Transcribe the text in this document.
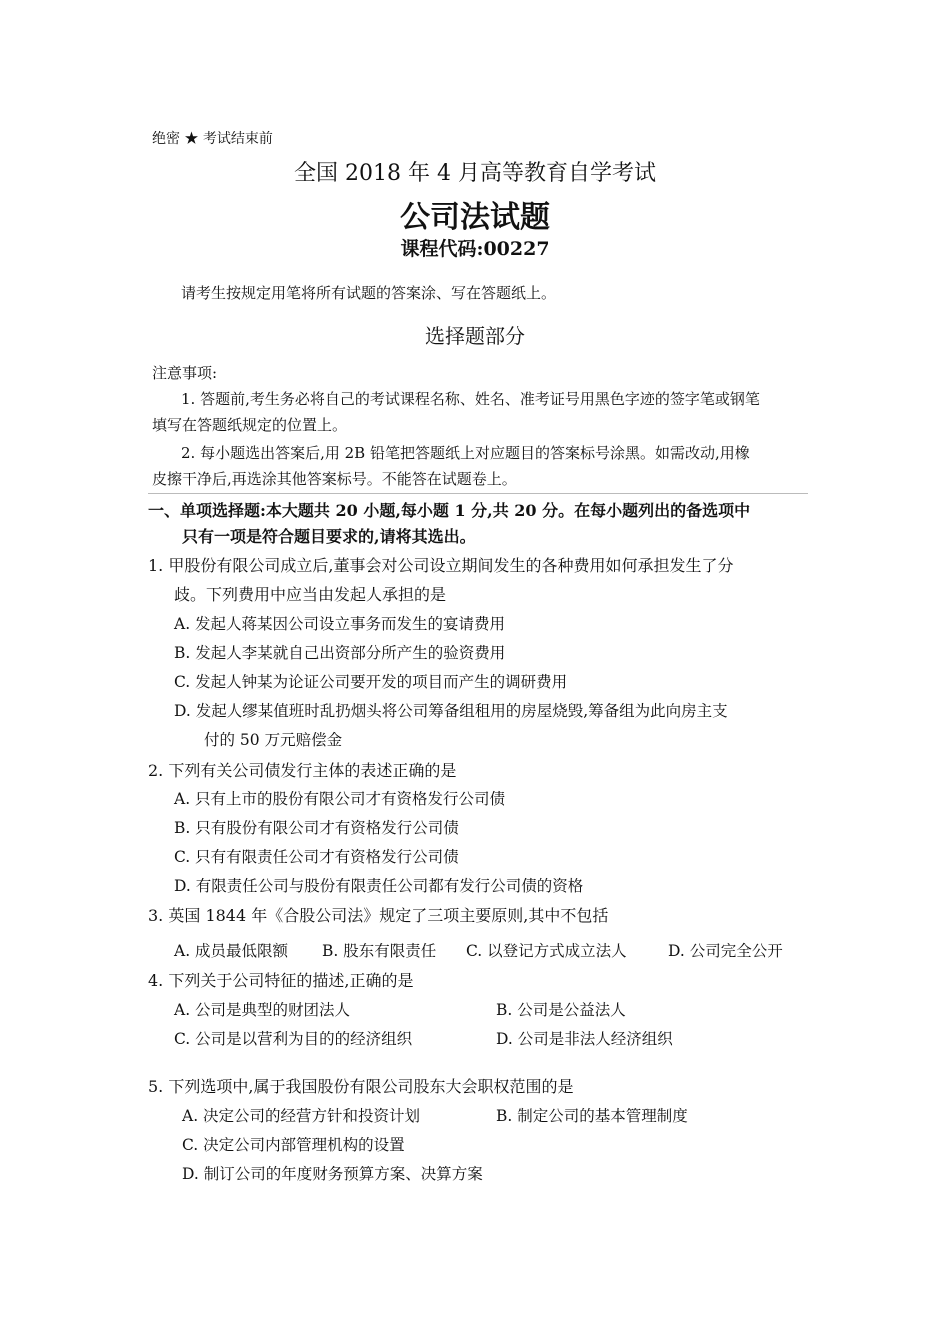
绝密 ★ 考试结束前
全国 2018 年 4 月高等教育自学考试
公司法试题
课程代码:00227
请考生按规定用笔将所有试题的答案涂、写在答题纸上。
选择题部分
注意事项:
1. 答题前,考生务必将自己的考试课程名称、姓名、准考证号用黑色字迹的签字笔或钢笔
填写在答题纸规定的位置上。
2. 每小题选出答案后,用 2B 铅笔把答题纸上对应题目的答案标号涂黑。如需改动,用橡
皮擦干净后,再选涂其他答案标号。不能答在试题卷上。
一、单项选择题:本大题共 20 小题,每小题 1 分,共 20 分。在每小题列出的备选项中
只有一项是符合题目要求的,请将其选出。
1. 甲股份有限公司成立后,董事会对公司设立期间发生的各种费用如何承担发生了分
歧。下列费用中应当由发起人承担的是
A. 发起人蒋某因公司设立事务而发生的宴请费用
B. 发起人李某就自己出资部分所产生的验资费用
C. 发起人钟某为论证公司要开发的项目而产生的调研费用
D. 发起人缪某值班时乱扔烟头将公司筹备组租用的房屋烧毁,筹备组为此向房主支
付的 50 万元赔偿金
2. 下列有关公司债发行主体的表述正确的是
A. 只有上市的股份有限公司才有资格发行公司债
B. 只有股份有限公司才有资格发行公司债
C. 只有有限责任公司才有资格发行公司债
D. 有限责任公司与股份有限责任公司都有发行公司债的资格
3. 英国 1844 年《合股公司法》规定了三项主要原则,其中不包括
A. 成员最低限额 B. 股东有限责任 C. 以登记方式成立法人	D. 公司完全公开
4. 下列关于公司特征的描述,正确的是
A. 公司是典型的财团法人	B. 公司是公益法人
C. 公司是以营利为目的的经济组织	D. 公司是非法人经济组织
5. 下列选项中,属于我国股份有限公司股东大会职权范围的是
A. 决定公司的经营方针和投资计划	B. 制定公司的基本管理制度
C. 决定公司内部管理机构的设置
D. 制订公司的年度财务预算方案、决算方案
